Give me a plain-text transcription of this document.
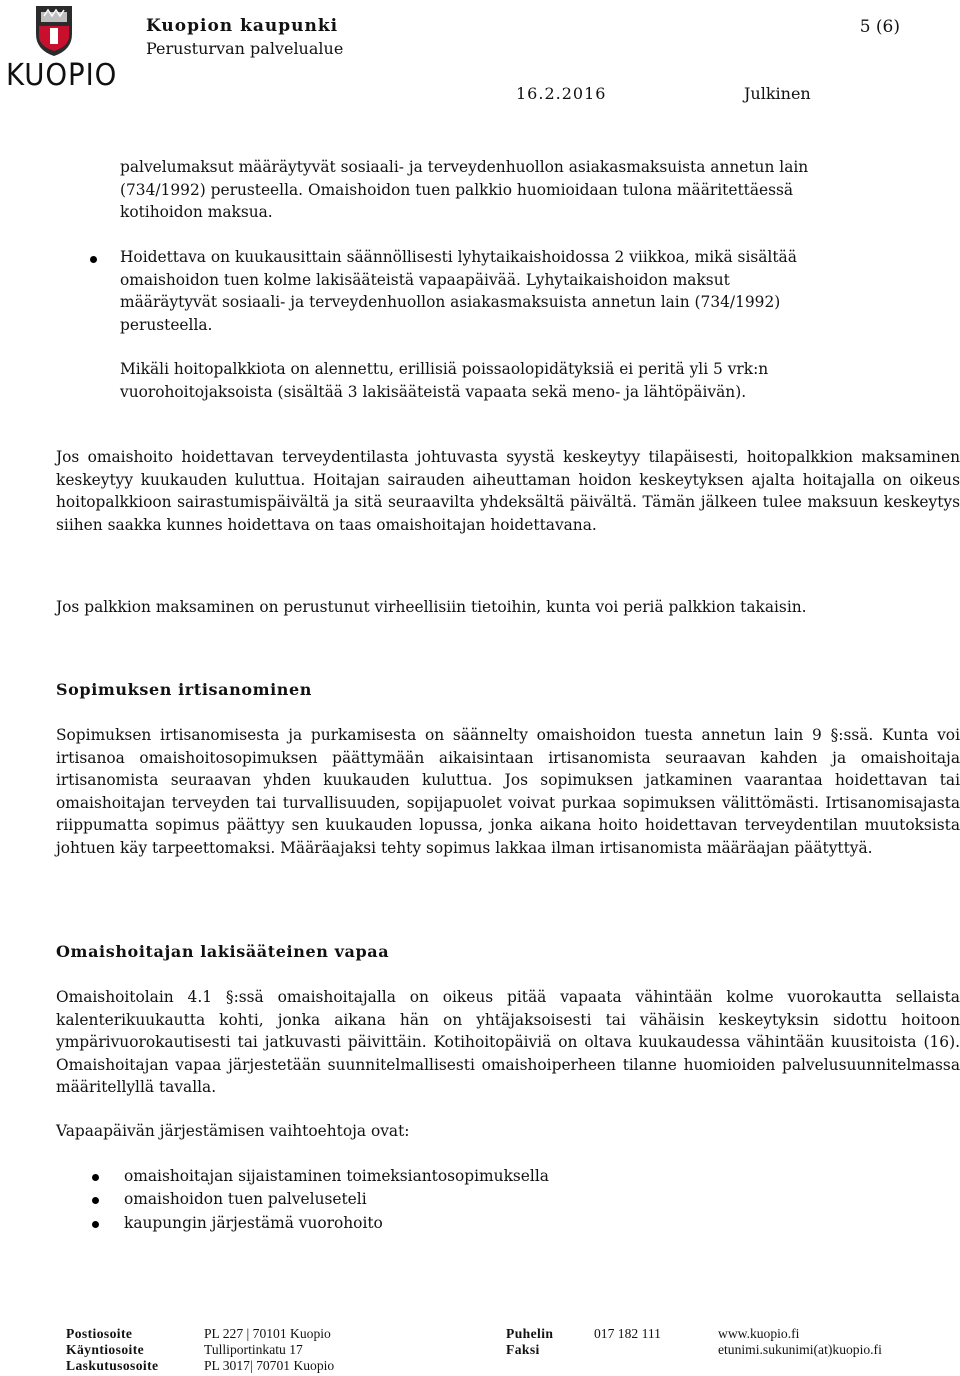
KUOPIO
Kuopion kaupunki
Perusturvan palvelualue
5 (6)
16.2.2016	Julkinen

palvelumaksut määräytyvät sosiaali- ja terveydenhuollon asiakasmaksuista annetun lain (734/1992) perusteella. Omaishoidon tuen palkkio huomioidaan tulona määritettäessä kotihoidon maksua.

Hoidettava on kuukausittain säännöllisesti lyhytaikaishoidossa 2 viikkoa, mikä sisältää omaishoidon tuen kolme lakisääteistä vapaapäivää. Lyhytaikaishoidon maksut määräytyvät sosiaali- ja terveydenhuollon asiakasmaksuista annetun lain (734/1992) perusteella.

Mikäli hoitopalkkiota on alennettu, erillisiä poissaolopidätyksiä ei peritä yli 5 vrk:n vuorohoitojaksoista (sisältää 3 lakisääteistä vapaata sekä meno- ja lähtöpäivän).

Jos omaishoito hoidettavan terveydentilasta johtuvasta syystä keskeytyy tilapäisesti, hoitopalkkion maksaminen keskeytyy kuukauden kuluttua. Hoitajan sairauden aiheuttaman hoidon keskeytyksen ajalta hoitajalla on oikeus hoitopalkkioon sairastumispäivältä ja sitä seuraavilta yhdeksältä päivältä. Tämän jälkeen tulee maksuun keskeytys siihen saakka kunnes hoidettava on taas omaishoitajan hoidettavana.

Jos palkkion maksaminen on perustunut virheellisiin tietoihin, kunta voi periä palkkion takaisin.

Sopimuksen irtisanominen

Sopimuksen irtisanomisesta ja purkamisesta on säännelty omaishoidon tuesta annetun lain 9 §:ssä. Kunta voi irtisanoa omaishoitosopimuksen päättymään aikaisintaan irtisanomista seuraavan kahden ja omaishoitaja irtisanomista seuraavan yhden kuukauden kuluttua. Jos sopimuksen jatkaminen vaarantaa hoidettavan tai omaishoitajan terveyden tai turvallisuuden, sopijapuolet voivat purkaa sopimuksen välittömästi. Irtisanomisajasta riippumatta sopimus päättyy sen kuukauden lopussa, jonka aikana hoito hoidettavan terveydentilan muutoksista johtuen käy tarpeettomaksi. Määräajaksi tehty sopimus lakkaa ilman irtisanomista määräajan päätyttyä.

Omaishoitajan lakisääteinen vapaa

Omaishoitolain 4.1 §:ssä omaishoitajalla on oikeus pitää vapaata vähintään kolme vuorokautta sellaista kalenterikuukautta kohti, jonka aikana hän on yhtäjaksoisesti tai vähäisin keskeytyksin sidottu hoitoon ympärivuorokautisesti tai jatkuvasti päivittäin. Kotihoitopäiviä on oltava kuukaudessa vähintään kuusitoista (16). Omaishoitajan vapaa järjestetään suunnitelmallisesti omaishoiperheen tilanne huomioiden palvelusuunnitelmassa määritellyllä tavalla.

Vapaapäivän järjestämisen vaihtoehtoja ovat:

omaishoitajan sijaistaminen toimeksiantosopimuksella

omaishoidon tuen palveluseteli

kaupungin järjestämä vuorohoito

Postiosoite
Käyntiosoite
Laskutusosoite
PL 227 | 70101 Kuopio
Tulliportinkatu 17
PL 3017| 70701 Kuopio
Puhelin
Faksi
017 182 111	www.kuopio.fi
etunimi.sukunimi(at)kuopio.fi
